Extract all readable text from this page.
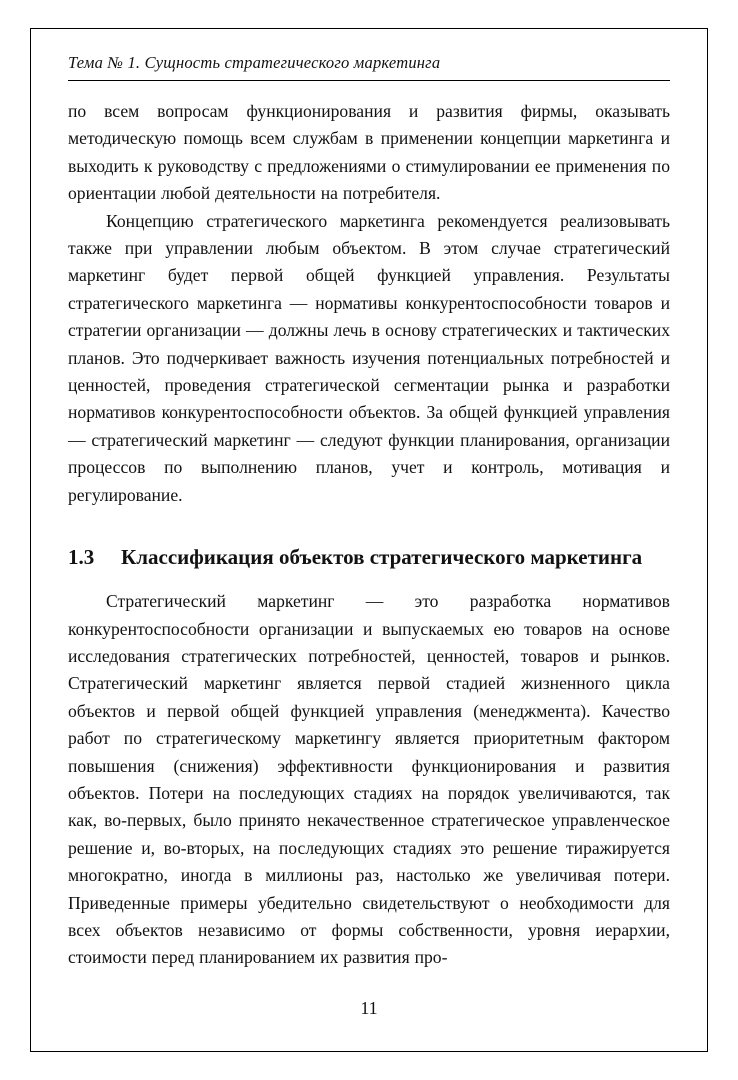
Тема № 1. Сущность стратегического маркетинга

по всем вопросам функционирования и развития фирмы, оказывать методическую помощь всем службам в применении концепции маркетинга и выходить к руководству с предложениями о стимулировании ее применения по ориентации любой деятельности на потребителя.

Концепцию стратегического маркетинга рекомендуется реализовывать также при управлении любым объектом. В этом случае стратегический маркетинг будет первой общей функцией управления. Результаты стратегического маркетинга — нормативы конкурентоспособности товаров и стратегии организации — должны лечь в основу стратегических и тактических планов. Это подчеркивает важность изучения потенциальных потребностей и ценностей, проведения стратегической сегментации рынка и разработки нормативов конкурентоспособности объектов. За общей функцией управления — стратегический маркетинг — следуют функции планирования, организации процессов по выполнению планов, учет и контроль, мотивация и регулирование.

1.3	Классификация объектов стратегического маркетинга

Стратегический маркетинг — это разработка нормативов конкурентоспособности организации и выпускаемых ею товаров на основе исследования стратегических потребностей, ценностей, товаров и рынков. Стратегический маркетинг является первой стадией жизненного цикла объектов и первой общей функцией управления (менеджмента). Качество работ по стратегическому маркетингу является приоритетным фактором повышения (снижения) эффективности функционирования и развития объектов. Потери на последующих стадиях на порядок увеличиваются, так как, во-первых, было принято некачественное стратегическое управленческое решение и, во-вторых, на последующих стадиях это решение тиражируется многократно, иногда в миллионы раз, настолько же увеличивая потери. Приведенные примеры убедительно свидетельствуют о необходимости для всех объектов независимо от формы собственности, уровня иерархии, стоимости перед планированием их развития про-

11
